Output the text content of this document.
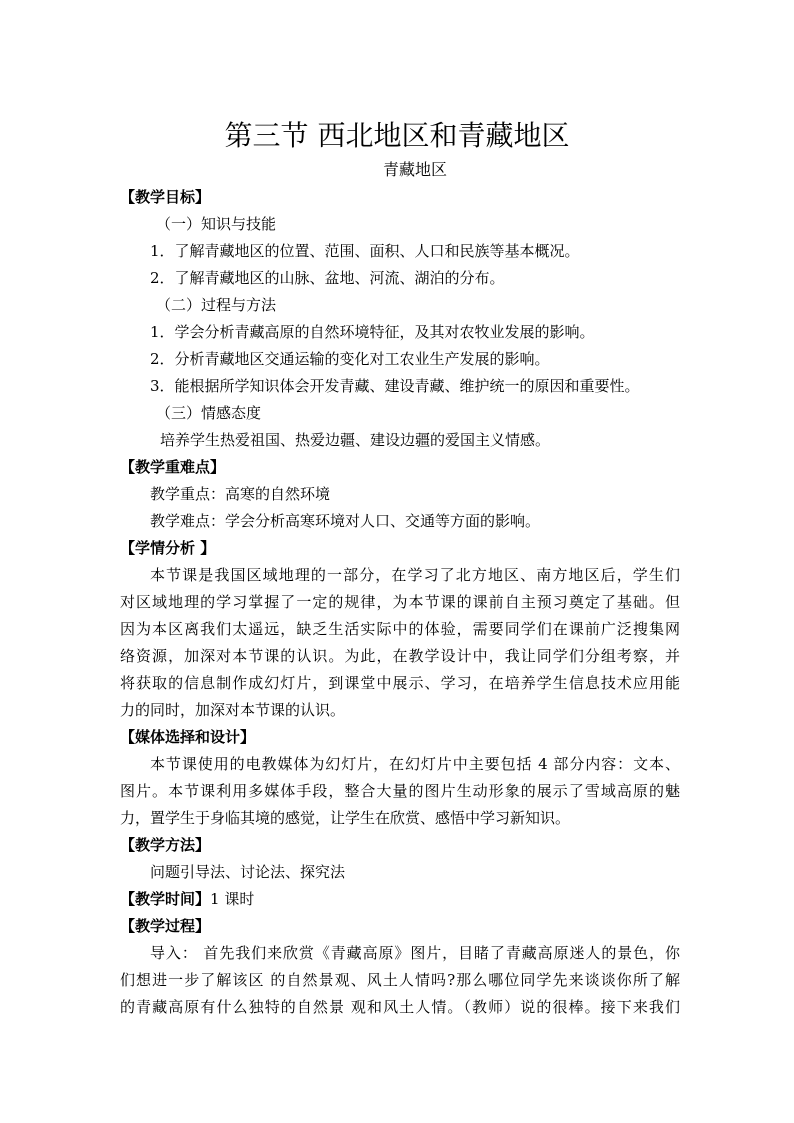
第三节 西北地区和青藏地区
青藏地区
【教学目标】
（一）知识与技能
1．了解青藏地区的位置、范围、面积、人口和民族等基本概况。
2．了解青藏地区的山脉、盆地、河流、湖泊的分布。
（二）过程与方法
1．学会分析青藏高原的自然环境特征，及其对农牧业发展的影响。
2．分析青藏地区交通运输的变化对工农业生产发展的影响。
3．能根据所学知识体会开发青藏、建设青藏、维护统一的原因和重要性。
（三）情感态度
培养学生热爱祖国、热爱边疆、建设边疆的爱国主义情感。
【教学重难点】
教学重点：高寒的自然环境
教学难点：学会分析高寒环境对人口、交通等方面的影响。
【学情分析 】
本节课是我国区域地理的一部分，在学习了北方地区、南方地区后，学生们
对区域地理的学习掌握了一定的规律，为本节课的课前自主预习奠定了基础。但
因为本区离我们太遥远，缺乏生活实际中的体验，需要同学们在课前广泛搜集网
络资源，加深对本节课的认识。为此，在教学设计中，我让同学们分组考察，并
将获取的信息制作成幻灯片，到课堂中展示、学习，在培养学生信息技术应用能
力的同时，加深对本节课的认识。
【媒体选择和设计】
本节课使用的电教媒体为幻灯片，在幻灯片中主要包括 4 部分内容：文本、
图片。本节课利用多媒体手段，整合大量的图片生动形象的展示了雪域高原的魅
力，置学生于身临其境的感觉，让学生在欣赏、感悟中学习新知识。
【教学方法】
问题引导法、讨论法、探究法
【教学时间】1 课时
【教学过程】
导入： 首先我们来欣赏《青藏高原》图片，目睹了青藏高原迷人的景色，你
们想进一步了解该区 的自然景观、风土人情吗?那么哪位同学先来谈谈你所了解
的青藏高原有什么独特的自然景 观和风土人情。（教师）说的很棒。接下来我们
